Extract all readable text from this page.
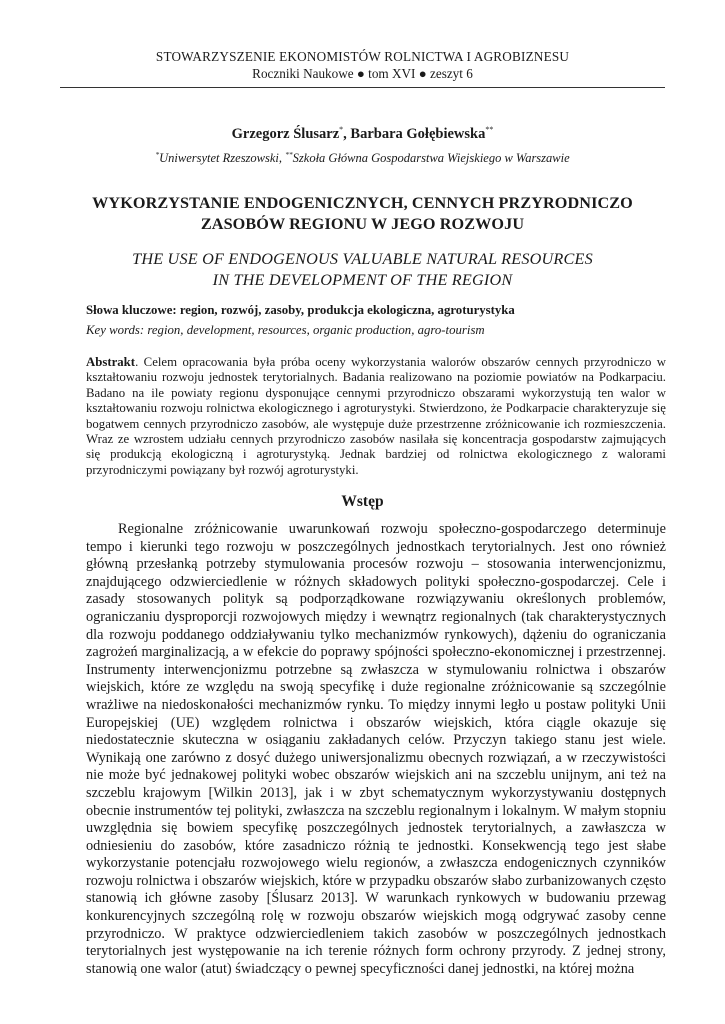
STOWARZYSZENIE EKONOMISTÓW ROLNICTWA I AGROBIZNESU
Roczniki Naukowe ● tom XVI ● zeszyt 6
Grzegorz Ślusarz*, Barbara Gołębiewska**
*Uniwersytet Rzeszowski, **Szkoła Główna Gospodarstwa Wiejskiego w Warszawie
WYKORZYSTANIE ENDOGENICZNYCH, CENNYCH PRZYRODNICZO
ZASOBÓW REGIONU W JEGO ROZWOJU
THE USE OF ENDOGENOUS VALUABLE NATURAL RESOURCES
IN THE DEVELOPMENT OF THE REGION
Słowa kluczowe: region, rozwój, zasoby, produkcja ekologiczna, agroturystyka
Key words: region, development, resources, organic production, agro-tourism
Abstrakt. Celem opracowania była próba oceny wykorzystania walorów obszarów cennych przyrodniczo w kształtowaniu rozwoju jednostek terytorialnych. Badania realizowano na poziomie powiatów na Podkarpaciu. Badano na ile powiaty regionu dysponujące cennymi przyrodniczo obszarami wykorzystują ten walor w kształtowaniu rozwoju rolnictwa ekologicznego i agroturystyki. Stwierdzono, że Podkarpacie charakteryzuje się bogatwem cennych przyrodniczo zasobów, ale występuje duże przestrzenne zróżnicowanie ich rozmieszczenia. Wraz ze wzrostem udziału cennych przyrodniczo zasobów nasilała się koncentracja gospodarstw zajmujących się produkcją ekologiczną i agroturystyką. Jednak bardziej od rolnictwa ekologicznego z walorami przyrodniczymi powiązany był rozwój agroturystyki.
Wstęp

Regionalne zróżnicowanie uwarunkowań rozwoju społeczno-gospodarczego determinuje tempo i kierunki tego rozwoju w poszczególnych jednostkach terytorialnych. Jest ono również główną przesłanką potrzeby stymulowania procesów rozwoju – stosowania interwencjonizmu, znajdującego odzwierciedlenie w różnych składowych polityki społeczno-gospodarczej. Cele i zasady stosowanych polityk są podporządkowane rozwiązywaniu określonych problemów, ograniczaniu dysproporcji rozwojowych między i wewnątrz regionalnych (tak charakterystycznych dla rozwoju poddanego oddziaływaniu tylko mechanizmów rynkowych), dążeniu do ograniczania zagrożeń marginalizacją, a w efekcie do poprawy spójności społeczno-ekonomicznej i przestrzennej. Instrumenty interwencjonizmu potrzebne są zwłaszcza w stymulowaniu rolnictwa i obszarów wiejskich, które ze względu na swoją specyfikę i duże regionalne zróżnicowanie są szczególnie wrażliwe na niedoskonałości mechanizmów rynku. To między innymi legło u postaw polityki Unii Europejskiej (UE) względem rolnictwa i obszarów wiejskich, która ciągle okazuje się niedostatecznie skuteczna w osiąganiu zakładanych celów. Przyczyn takiego stanu jest wiele. Wynikają one zarówno z dosyć dużego uniwersjonalizmu obecnych rozwiązań, a w rzeczywistości nie może być jednakowej polityki wobec obszarów wiejskich ani na szczeblu unijnym, ani też na szczeblu krajowym [Wilkin 2013], jak i w zbyt schematycznym wykorzystywaniu dostępnych obecnie instrumentów tej polityki, zwłaszcza na szczeblu regionalnym i lokalnym. W małym stopniu uwzględnia się bowiem specyfikę poszczególnych jednostek terytorialnych, a zawłaszcza w odniesieniu do zasobów, które zasadniczo różnią te jednostki. Konsekwencją tego jest słabe wykorzystanie potencjału rozwojowego wielu regionów, a zwłaszcza endogenicznych czynników rozwoju rolnictwa i obszarów wiejskich, które w przypadku obszarów słabo zurbanizowanych często stanowią ich główne zasoby [Ślusarz 2013]. W warunkach rynkowych w budowaniu przewag konkurencyjnych szczególną rolę w rozwoju obszarów wiejskich mogą odgrywać zasoby cenne przyrodniczo. W praktyce odzwierciedleniem takich zasobów w poszczególnych jednostkach terytorialnych jest występowanie na ich terenie różnych form ochrony przyrody. Z jednej strony, stanowią one walor (atut) świadczący o pewnej specyficzności danej jednostki, na której można
